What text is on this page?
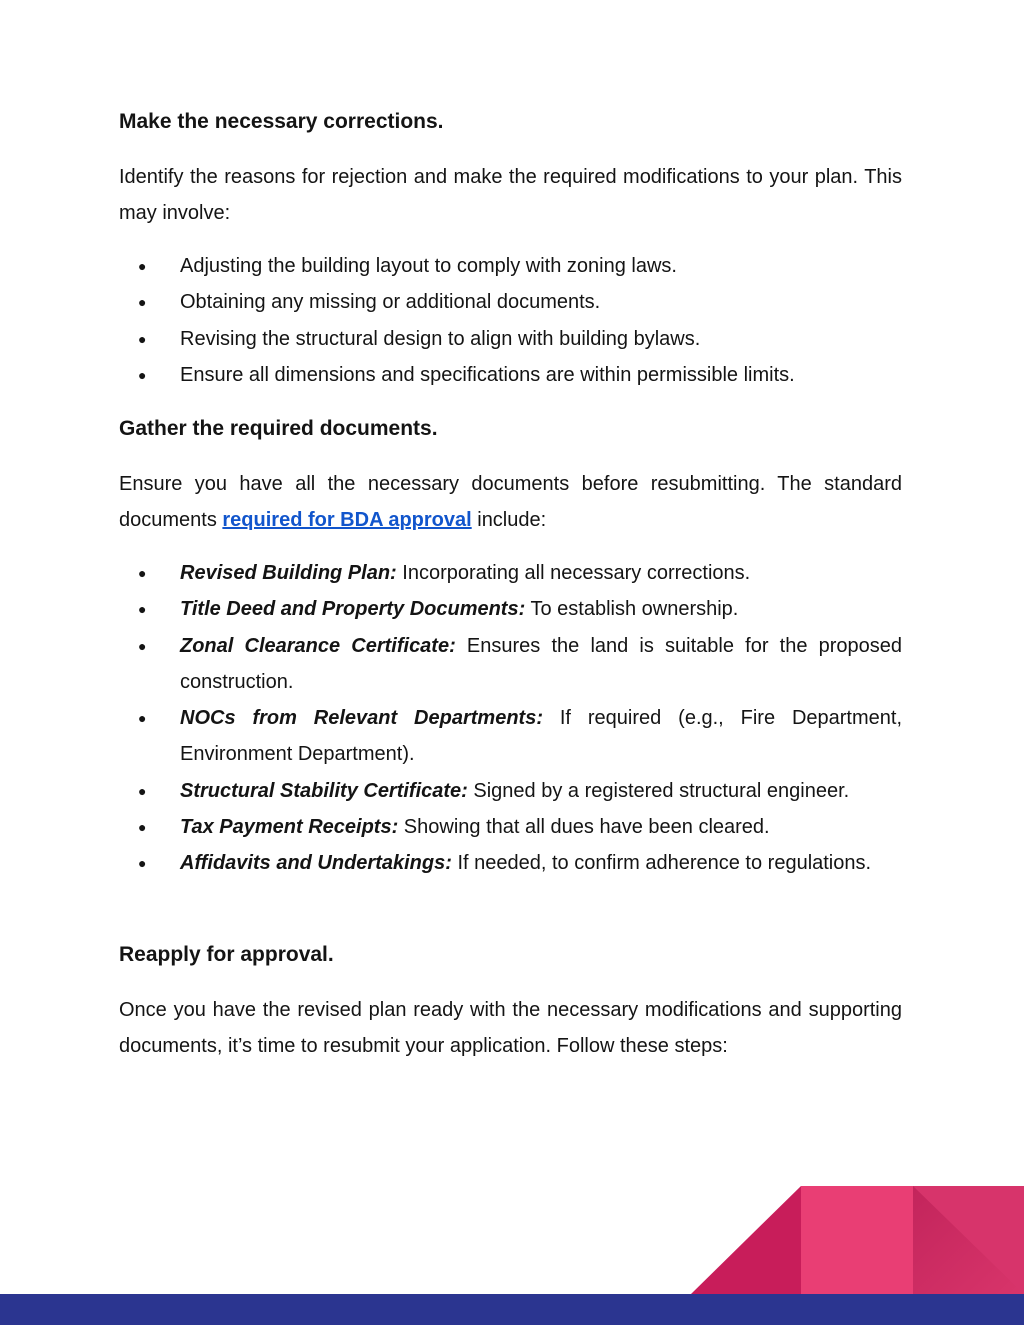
Make the necessary corrections.

Identify the reasons for rejection and make the required modifications to your plan. This may involve:

● Adjusting the building layout to comply with zoning laws.
● Obtaining any missing or additional documents.
● Revising the structural design to align with building bylaws.
● Ensure all dimensions and specifications are within permissible limits.
Gather the required documents.

Ensure you have all the necessary documents before resubmitting. The standard documents required for BDA approval include:

● Revised Building Plan: Incorporating all necessary corrections.
● Title Deed and Property Documents: To establish ownership.
● Zonal Clearance Certificate: Ensures the land is suitable for the proposed construction.
● NOCs from Relevant Departments: If required (e.g., Fire Department, Environment Department).
● Structural Stability Certificate: Signed by a registered structural engineer.
● Tax Payment Receipts: Showing that all dues have been cleared.
● Affidavits and Undertakings: If needed, to confirm adherence to regulations.
Reapply for approval.

Once you have the revised plan ready with the necessary modifications and supporting documents, it’s time to resubmit your application. Follow these steps:
